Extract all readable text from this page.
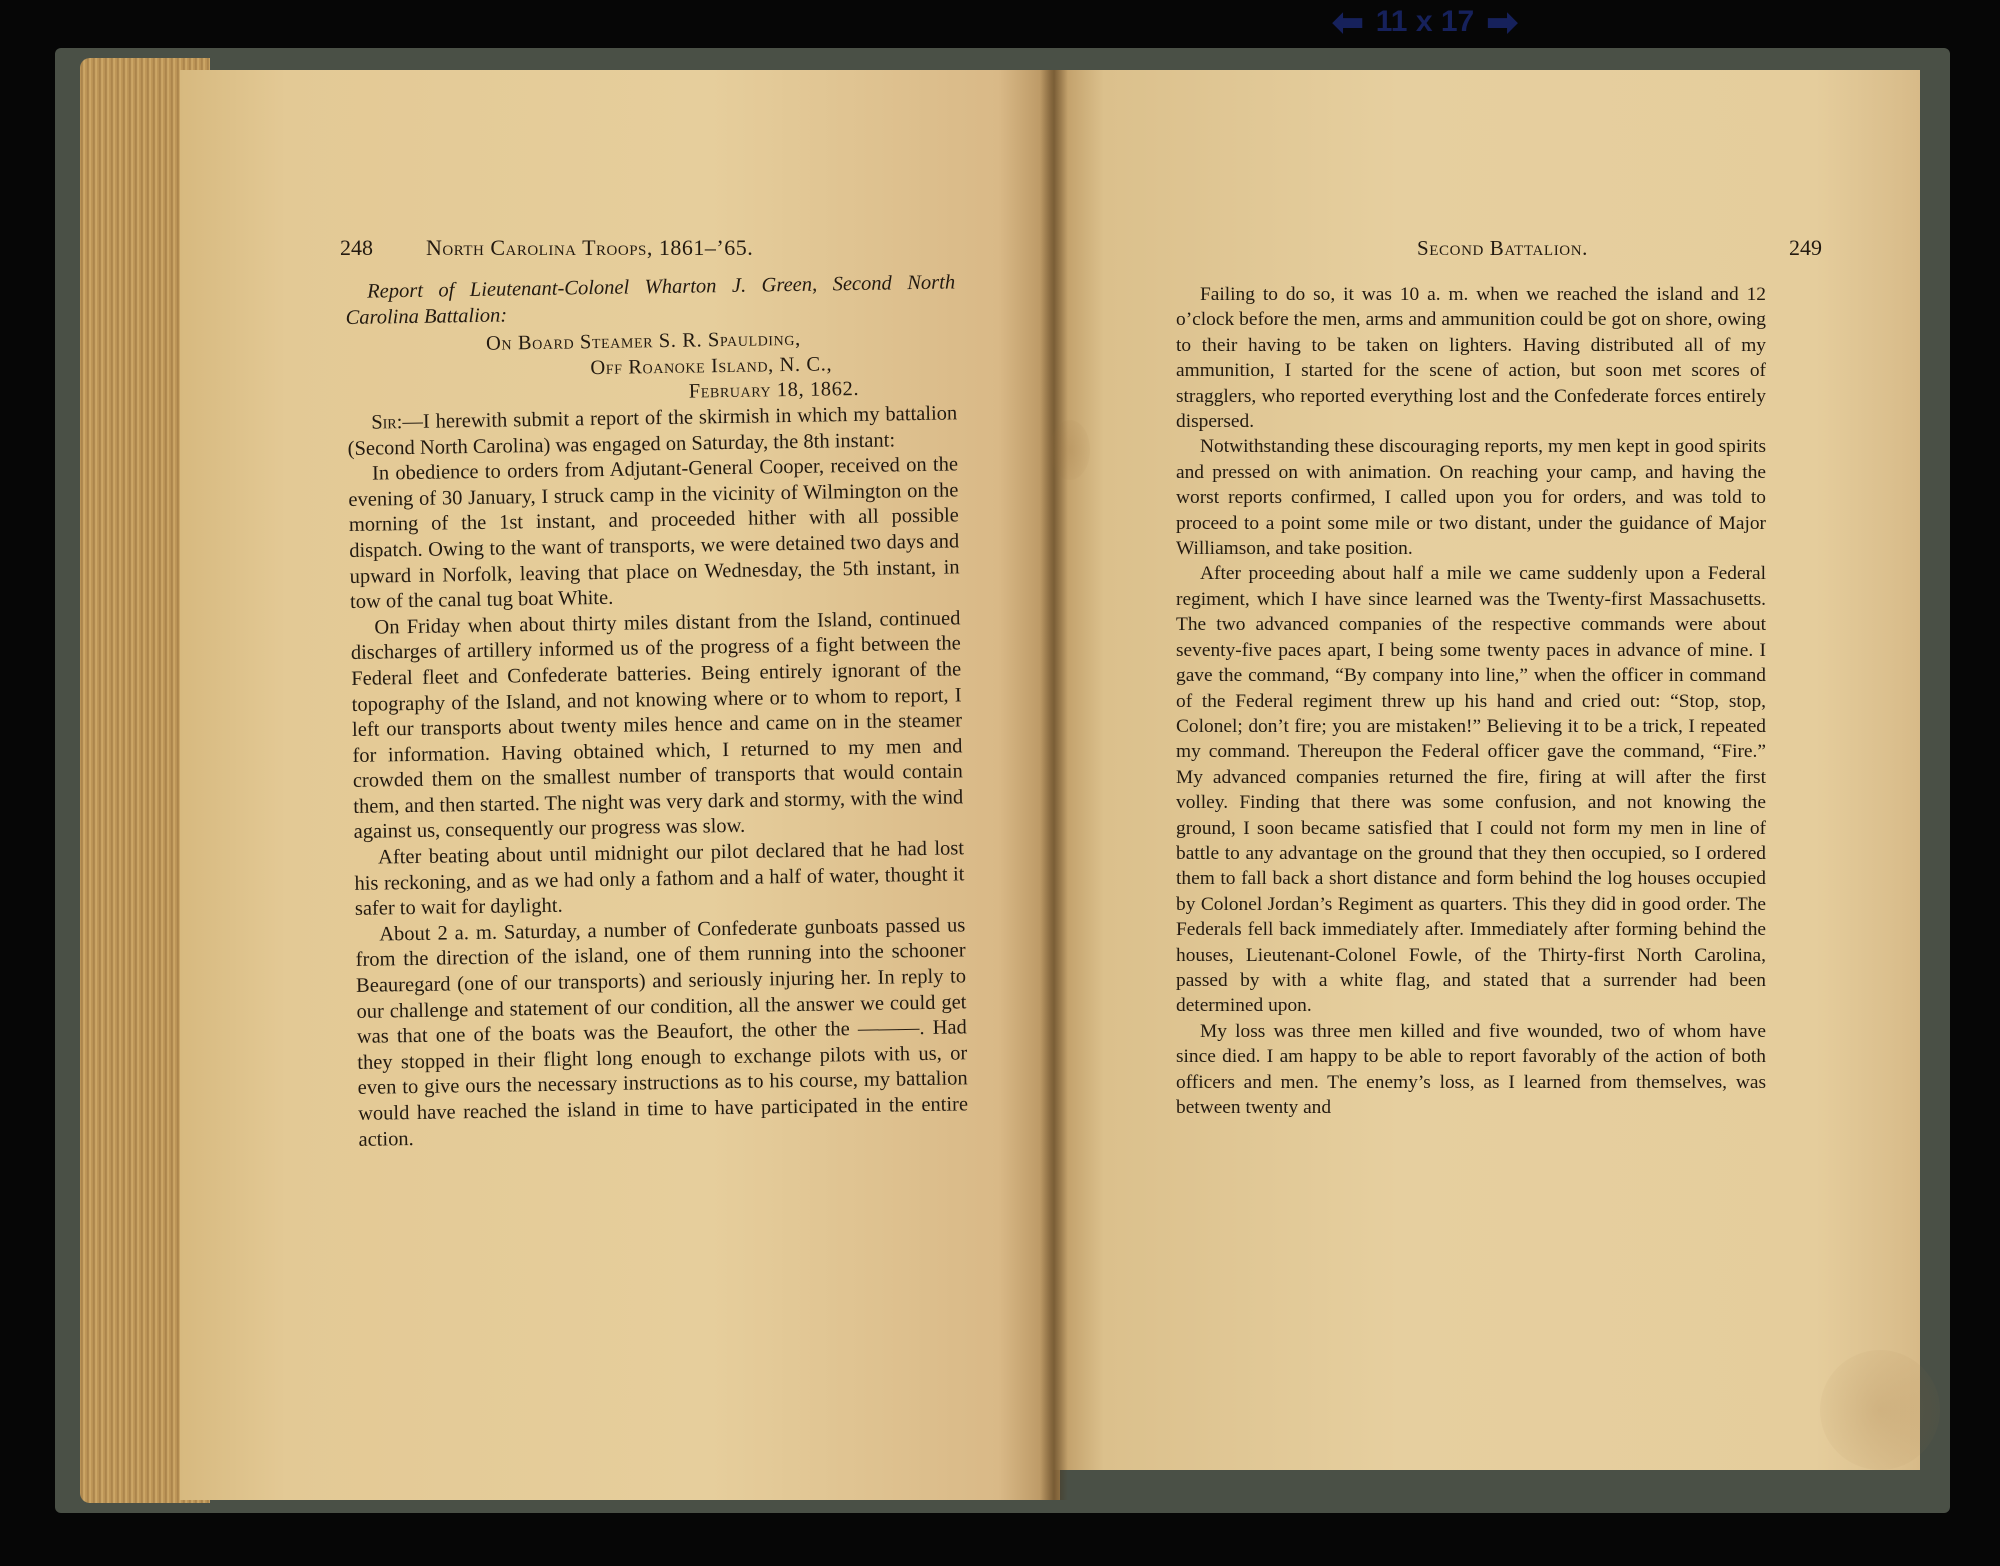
⬅ 11 x 17 ➡
248	North Carolina Troops, 1861–’65.

Report of Lieutenant-Colonel Wharton J. Green, Second North Carolina Battalion:

On Board Steamer S. R. Spaulding,
Off Roanoke Island, N. C.,
February 18, 1862.

Sir:—I herewith submit a report of the skirmish in which my battalion (Second North Carolina) was engaged on Saturday, the 8th instant:

In obedience to orders from Adjutant-General Cooper, received on the evening of 30 January, I struck camp in the vicinity of Wilmington on the morning of the 1st instant, and proceeded hither with all possible dispatch. Owing to the want of transports, we were detained two days and upward in Norfolk, leaving that place on Wednesday, the 5th instant, in tow of the canal tug boat White.

On Friday when about thirty miles distant from the Island, continued discharges of artillery informed us of the progress of a fight between the Federal fleet and Confederate batteries. Being entirely ignorant of the topography of the Island, and not knowing where or to whom to report, I left our transports about twenty miles hence and came on in the steamer for information. Having obtained which, I returned to my men and crowded them on the smallest number of transports that would contain them, and then started. The night was very dark and stormy, with the wind against us, consequently our progress was slow.

After beating about until midnight our pilot declared that he had lost his reckoning, and as we had only a fathom and a half of water, thought it safer to wait for daylight.

About 2 a. m. Saturday, a number of Confederate gunboats passed us from the direction of the island, one of them running into the schooner Beauregard (one of our transports) and seriously injuring her. In reply to our challenge and statement of our condition, all the answer we could get was that one of the boats was the Beaufort, the other the ———. Had they stopped in their flight long enough to exchange pilots with us, or even to give ours the necessary instructions as to his course, my battalion would have reached the island in time to have participated in the entire action.

Second Battalion.	249

Failing to do so, it was 10 a. m. when we reached the island and 12 o’clock before the men, arms and ammunition could be got on shore, owing to their having to be taken on lighters. Having distributed all of my ammunition, I started for the scene of action, but soon met scores of stragglers, who reported everything lost and the Confederate forces entirely dispersed.

Notwithstanding these discouraging reports, my men kept in good spirits and pressed on with animation. On reaching your camp, and having the worst reports confirmed, I called upon you for orders, and was told to proceed to a point some mile or two distant, under the guidance of Major Williamson, and take position.

After proceeding about half a mile we came suddenly upon a Federal regiment, which I have since learned was the Twenty-first Massachusetts. The two advanced companies of the respective commands were about seventy-five paces apart, I being some twenty paces in advance of mine. I gave the command, “By company into line,” when the officer in command of the Federal regiment threw up his hand and cried out: “Stop, stop, Colonel; don’t fire; you are mistaken!” Believing it to be a trick, I repeated my command. Thereupon the Federal officer gave the command, “Fire.” My advanced companies returned the fire, firing at will after the first volley. Finding that there was some confusion, and not knowing the ground, I soon became satisfied that I could not form my men in line of battle to any advantage on the ground that they then occupied, so I ordered them to fall back a short distance and form behind the log houses occupied by Colonel Jordan’s Regiment as quarters. This they did in good order. The Federals fell back immediately after. Immediately after forming behind the houses, Lieutenant-Colonel Fowle, of the Thirty-first North Carolina, passed by with a white flag, and stated that a surrender had been determined upon.

My loss was three men killed and five wounded, two of whom have since died. I am happy to be able to report favorably of the action of both officers and men. The enemy’s loss, as I learned from themselves, was between twenty and
